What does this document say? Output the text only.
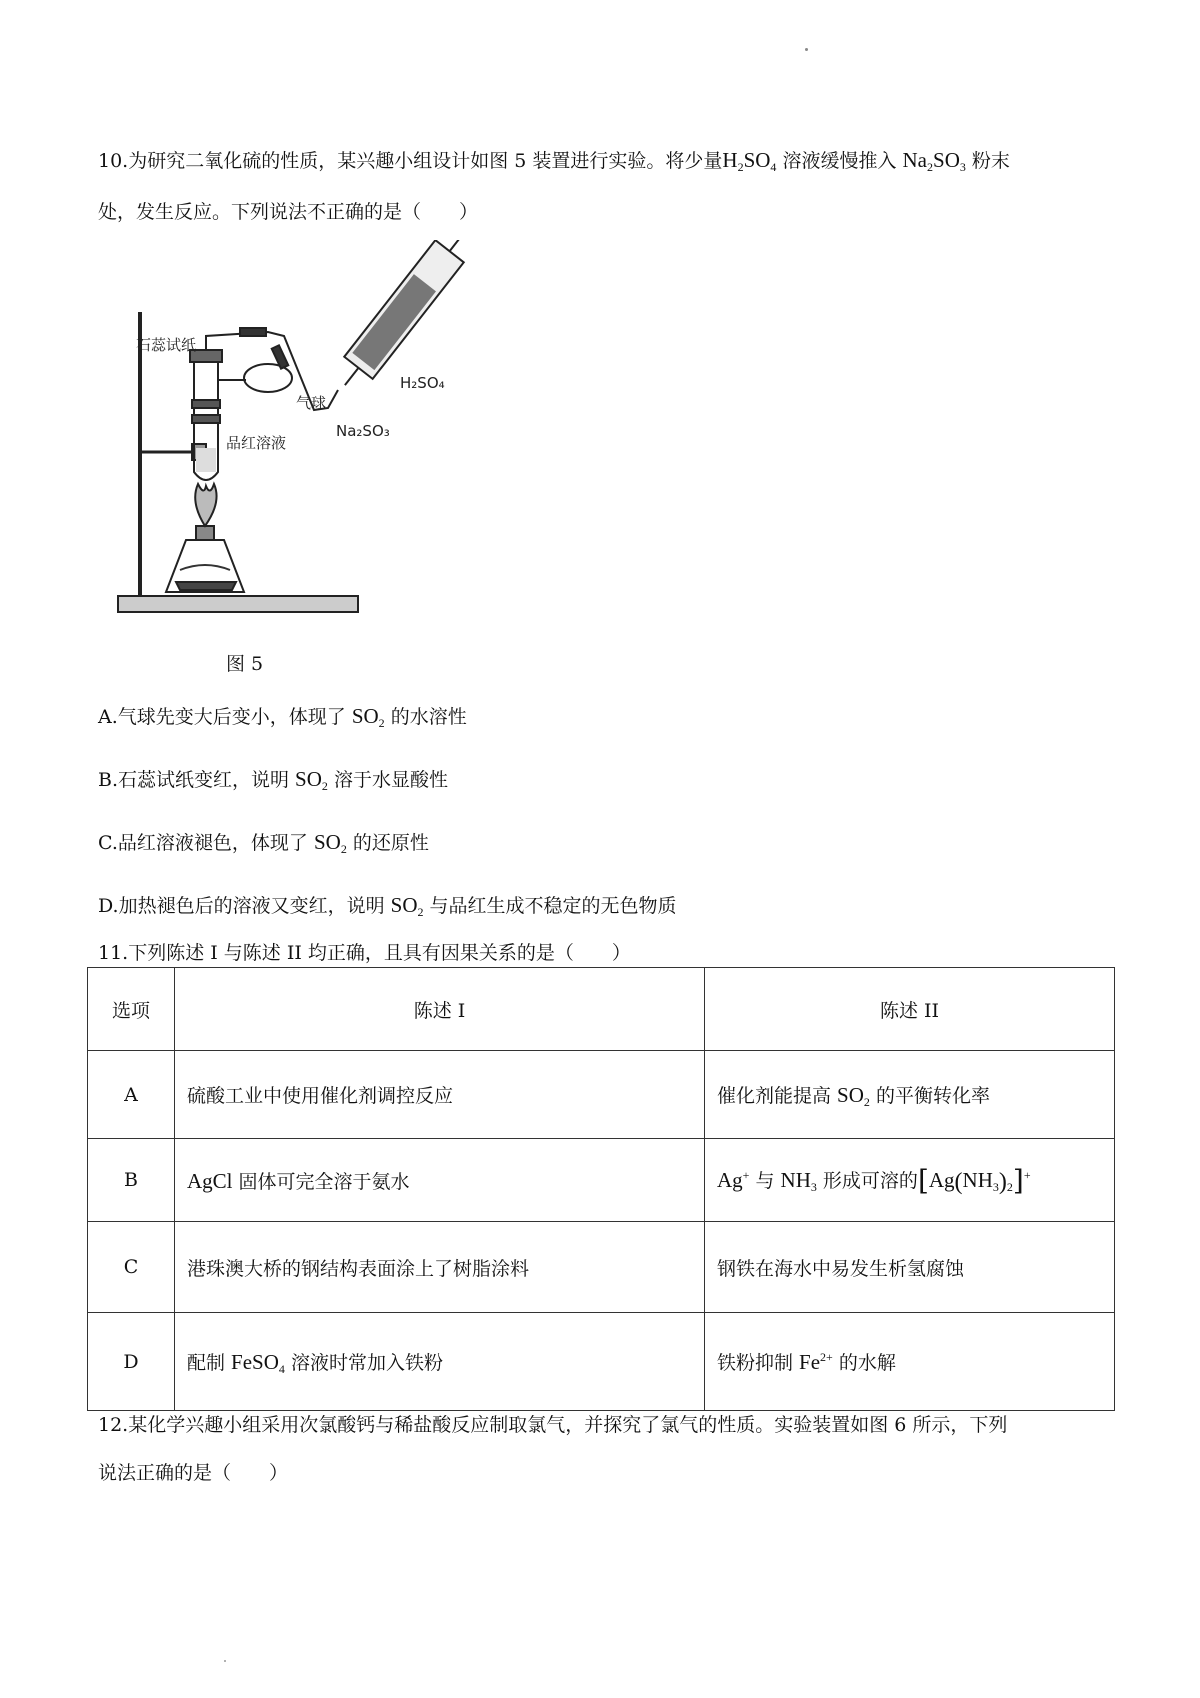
10.为研究二氧化硫的性质，某兴趣小组设计如图 5 装置进行实验。将少量$H_2SO_4$ 溶液缓慢推入 $Na_2SO_3$ 粉末
处，发生反应。下列说法不正确的是（　　）
石蕊试纸
气球
品红溶液
H₂SO₄
Na₂SO₃
图 5
A.气球先变大后变小，体现了 $SO_2$ 的水溶性
B.石蕊试纸变红，说明 $SO_2$ 溶于水显酸性
C.品红溶液褪色，体现了 $SO_2$ 的还原性
D.加热褪色后的溶液又变红，说明 $SO_2$ 与品红生成不稳定的无色物质
11.下列陈述 I 与陈述 II 均正确，且具有因果关系的是（　　）
选项	陈述 I	陈述 II
A	硫酸工业中使用催化剂调控反应	催化剂能提高 $SO_2$ 的平衡转化率
B	AgCl 固体可完全溶于氨水	Ag+ 与 $NH_3$ 形成可溶的$[Ag(NH_3)_2]^+$
C	港珠澳大桥的钢结构表面涂上了树脂涂料	钢铁在海水中易发生析氢腐蚀
D	配制 FeSO$_4$ 溶液时常加入铁粉	铁粉抑制 $Fe^{2+}$ 的水解
12.某化学兴趣小组采用次氯酸钙与稀盐酸反应制取氯气，并探究了氯气的性质。实验装置如图 6 所示，下列
说法正确的是（　　）
